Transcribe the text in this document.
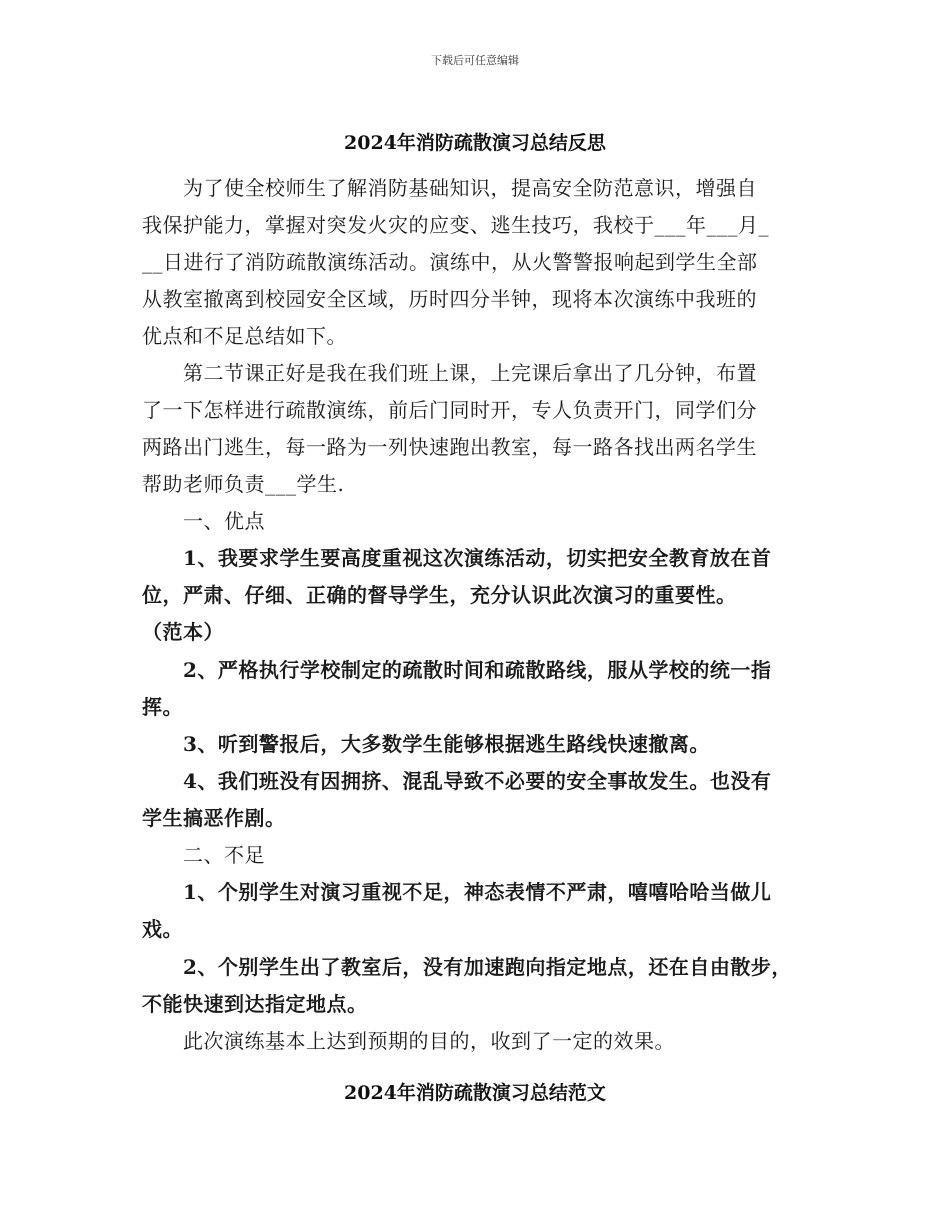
下载后可任意编辑
2024年消防疏散演习总结反思
　　为了使全校师生了解消防基础知识，提高安全防范意识，增强自
我保护能力，掌握对突发火灾的应变、逃生技巧，我校于___年___月_
__日进行了消防疏散演练活动。演练中，从火警警报响起到学生全部
从教室撤离到校园安全区域，历时四分半钟，现将本次演练中我班的
优点和不足总结如下。
　　第二节课正好是我在我们班上课，上完课后拿出了几分钟，布置
了一下怎样进行疏散演练，前后门同时开，专人负责开门，同学们分
两路出门逃生，每一路为一列快速跑出教室，每一路各找出两名学生
帮助老师负责___学生.
　　一、优点
　　1、我要求学生要高度重视这次演练活动，切实把安全教育放在首
位，严肃、仔细、正确的督导学生，充分认识此次演习的重要性。
（范本）
　　2、严格执行学校制定的疏散时间和疏散路线，服从学校的统一指
挥。
　　3、听到警报后，大多数学生能够根据逃生路线快速撤离。
　　4、我们班没有因拥挤、混乱导致不必要的安全事故发生。也没有
学生搞恶作剧。
　　二、不足
　　1、个别学生对演习重视不足，神态表情不严肃，嘻嘻哈哈当做儿
戏。
　　2、个别学生出了教室后，没有加速跑向指定地点，还在自由散步，
不能快速到达指定地点。
　　此次演练基本上达到预期的目的，收到了一定的效果。
2024年消防疏散演习总结范文
